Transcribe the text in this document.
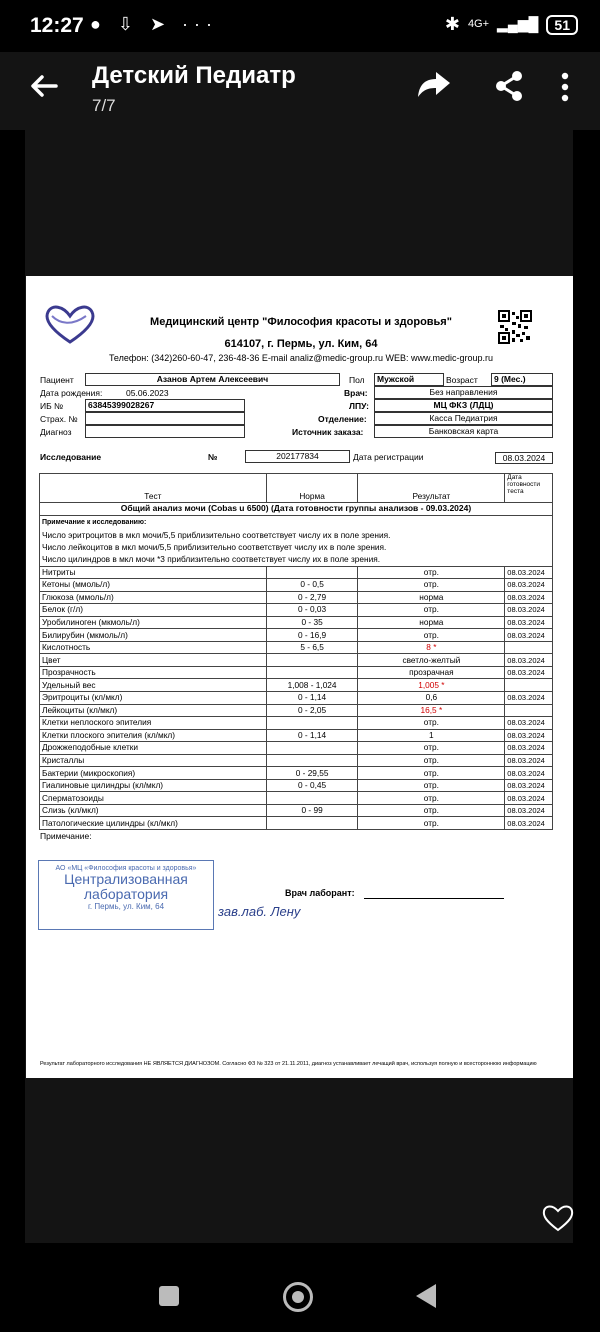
12:27 ● ⇩ ➤ ···	✱ 4G+ ▂▄▆█	51
Детский Педиатр
7/7
Медицинский центр "Философия красоты и здоровья"
614107, г. Пермь, ул. Ким, 64
Телефон: (342)260-60-47, 236-48-36 E-mail analiz@medic-group.ru WEB: www.medic-group.ru
Пациент	Азанов Артем Алексеевич	Пол	Мужской	Возраст	9 (Мес.)
Дата рождения:	05.06.2023	Врач:	Без направления
ИБ №	63845399028267	ЛПУ:	МЦ ФКЗ (ЛДЦ)
Страх. №	Отделение:	Касса Педиатрия
Диагноз	Источник заказа:	Банковская карта
Исследование	№	202177834	Дата регистрации	08.03.2024
Тест	Норма	Результат	Дата готовности теста
Общий анализ мочи (Cobas u 6500) (Дата готовности группы анализов - 09.03.2024)			

Примечание к исследованию:
Число эритроцитов в мкл мочи/5,5 приблизительно соответствует числу их в поле зрения.
Число лейкоцитов в мкл мочи/5,5 приблизительно соответствует числу их в поле зрения.
Число цилиндров в мкл мочи *3 приблизительно соответствует числу их в поле зрения.			

Нитриты		отр.	08.03.2024
Кетоны (ммоль/л)	0 - 0,5	отр.	08.03.2024
Глюкоза (ммоль/л)	0 - 2,79	норма	08.03.2024
Белок (г/л)	0 - 0,03	отр.	08.03.2024
Уробилиноген (мкмоль/л)	0 - 35	норма	08.03.2024
Билирубин (мкмоль/л)	0 - 16,9	отр.	08.03.2024
Кислотность	5 - 6,5	8 *	
Цвет		светло-желтый	08.03.2024
Прозрачность		прозрачная	08.03.2024
Удельный вес	1,008 - 1,024	1,005 *	
Эритроциты (кл/мкл)	0 - 1,14	0,6	08.03.2024
Лейкоциты (кл/мкл)	0 - 2,05	16,5 *	
Клетки неплоского эпителия		отр.	08.03.2024
Клетки плоского эпителия (кл/мкл)	0 - 1,14	1	08.03.2024
Дрожжеподобные клетки		отр.	08.03.2024
Кристаллы		отр.	08.03.2024
Бактерии (микроскопия)	0 - 29,55	отр.	08.03.2024
Гиалиновые цилиндры (кл/мкл)	0 - 0,45	отр.	08.03.2024
Сперматозоиды		отр.	08.03.2024
Слизь (кл/мкл)	0 - 99	отр.	08.03.2024
Патологические цилиндры (кл/мкл)		отр.	08.03.2024
Примечание:
АО «МЦ «Философия красоты и здоровья»
Централизованная
лаборатория
г. Пермь, ул. Ким, 64	зав.лаб. Лену
Врач лаборант:
Результат лабораторного исследования НЕ ЯВЛЯЕТСЯ ДИАГНОЗОМ. Согласно ФЗ № 323 от 21.11.2011, диагноз устанавливает лечащий врач, используя полную и всестороннюю информацию
